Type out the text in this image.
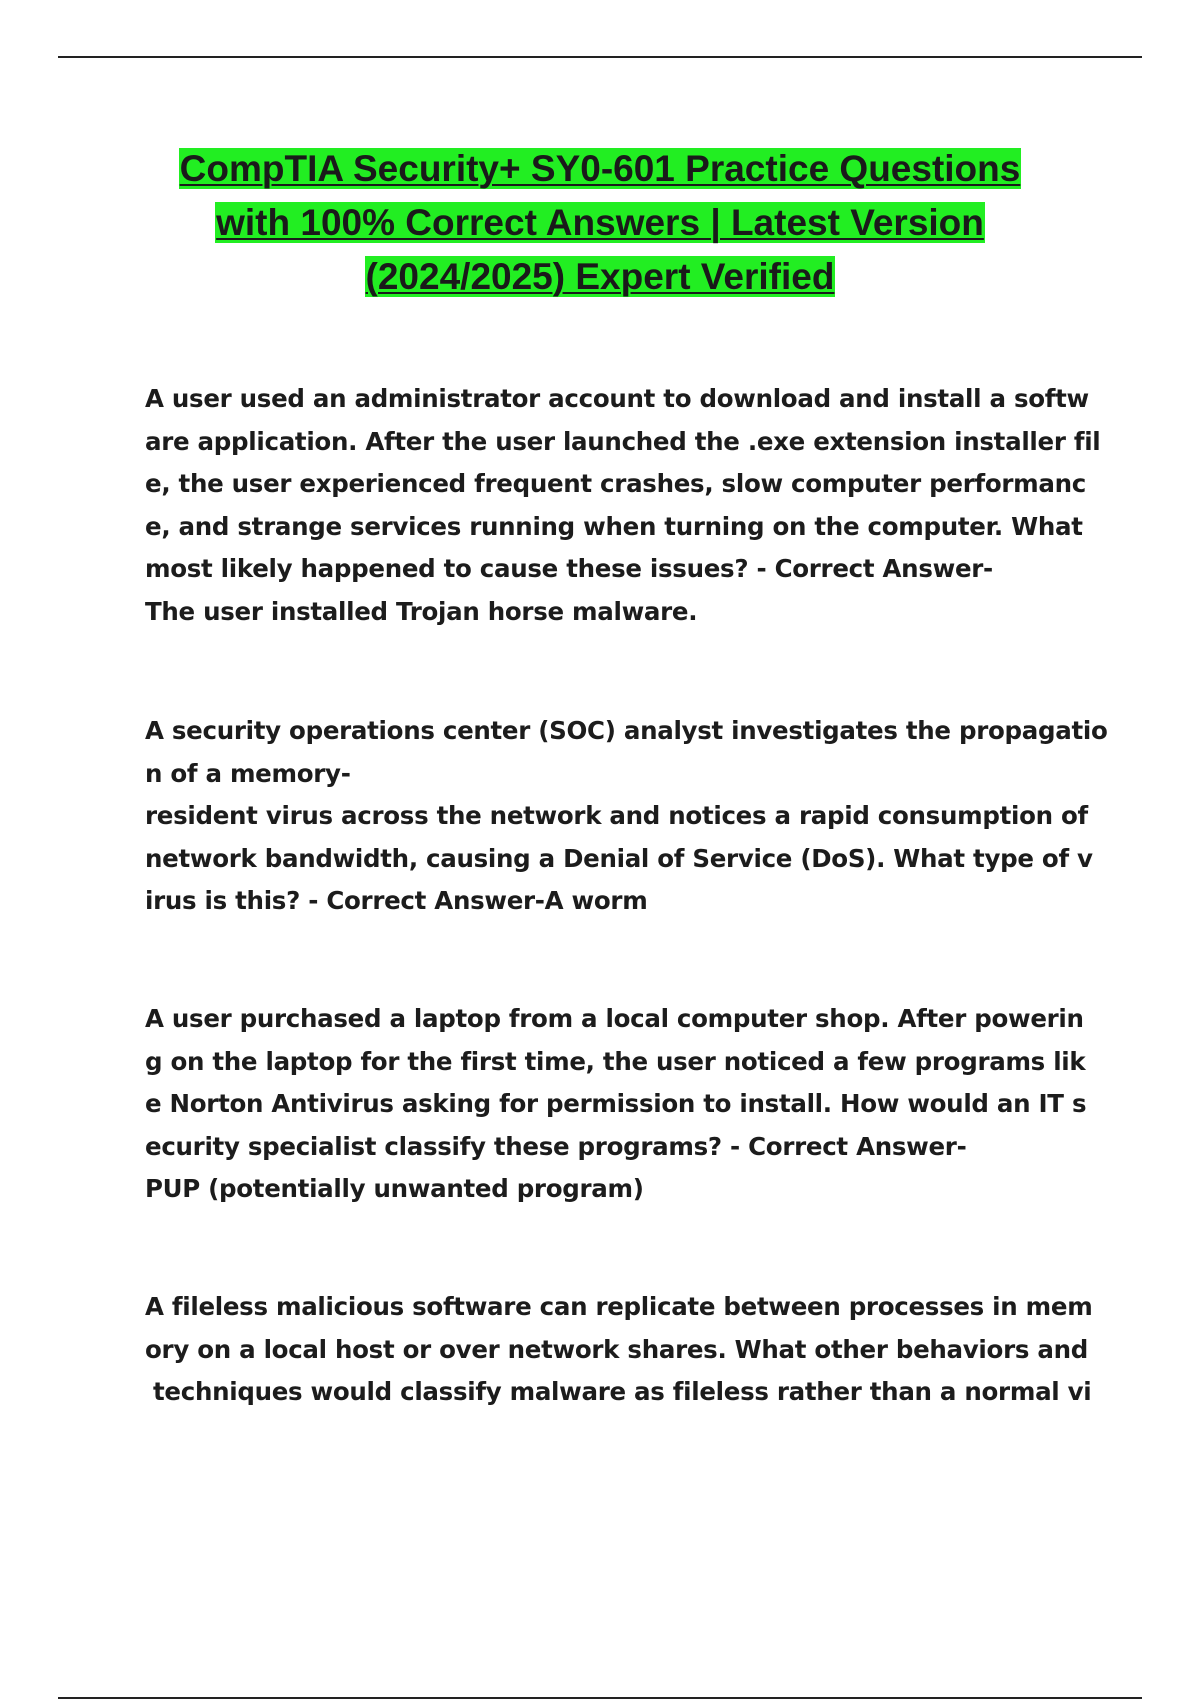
CompTIA Security+ SY0-601 Practice Questions
with 100% Correct Answers | Latest Version
(2024/2025) Expert Verified
A user used an administrator account to download and install a softw
are application. After the user launched the .exe extension installer fil
e, the user experienced frequent crashes, slow computer performanc
e, and strange services running when turning on the computer. What
most likely happened to cause these issues? - Correct Answer-
The user installed Trojan horse malware.
A security operations center (SOC) analyst investigates the propagatio
n of a memory-
resident virus across the network and notices a rapid consumption of
network bandwidth, causing a Denial of Service (DoS). What type of v
irus is this? - Correct Answer-A worm
A user purchased a laptop from a local computer shop. After powerin
g on the laptop for the first time, the user noticed a few programs lik
e Norton Antivirus asking for permission to install. How would an IT s
ecurity specialist classify these programs? - Correct Answer-
PUP (potentially unwanted program)
A fileless malicious software can replicate between processes in mem
ory on a local host or over network shares. What other behaviors and
techniques would classify malware as fileless rather than a normal vi
